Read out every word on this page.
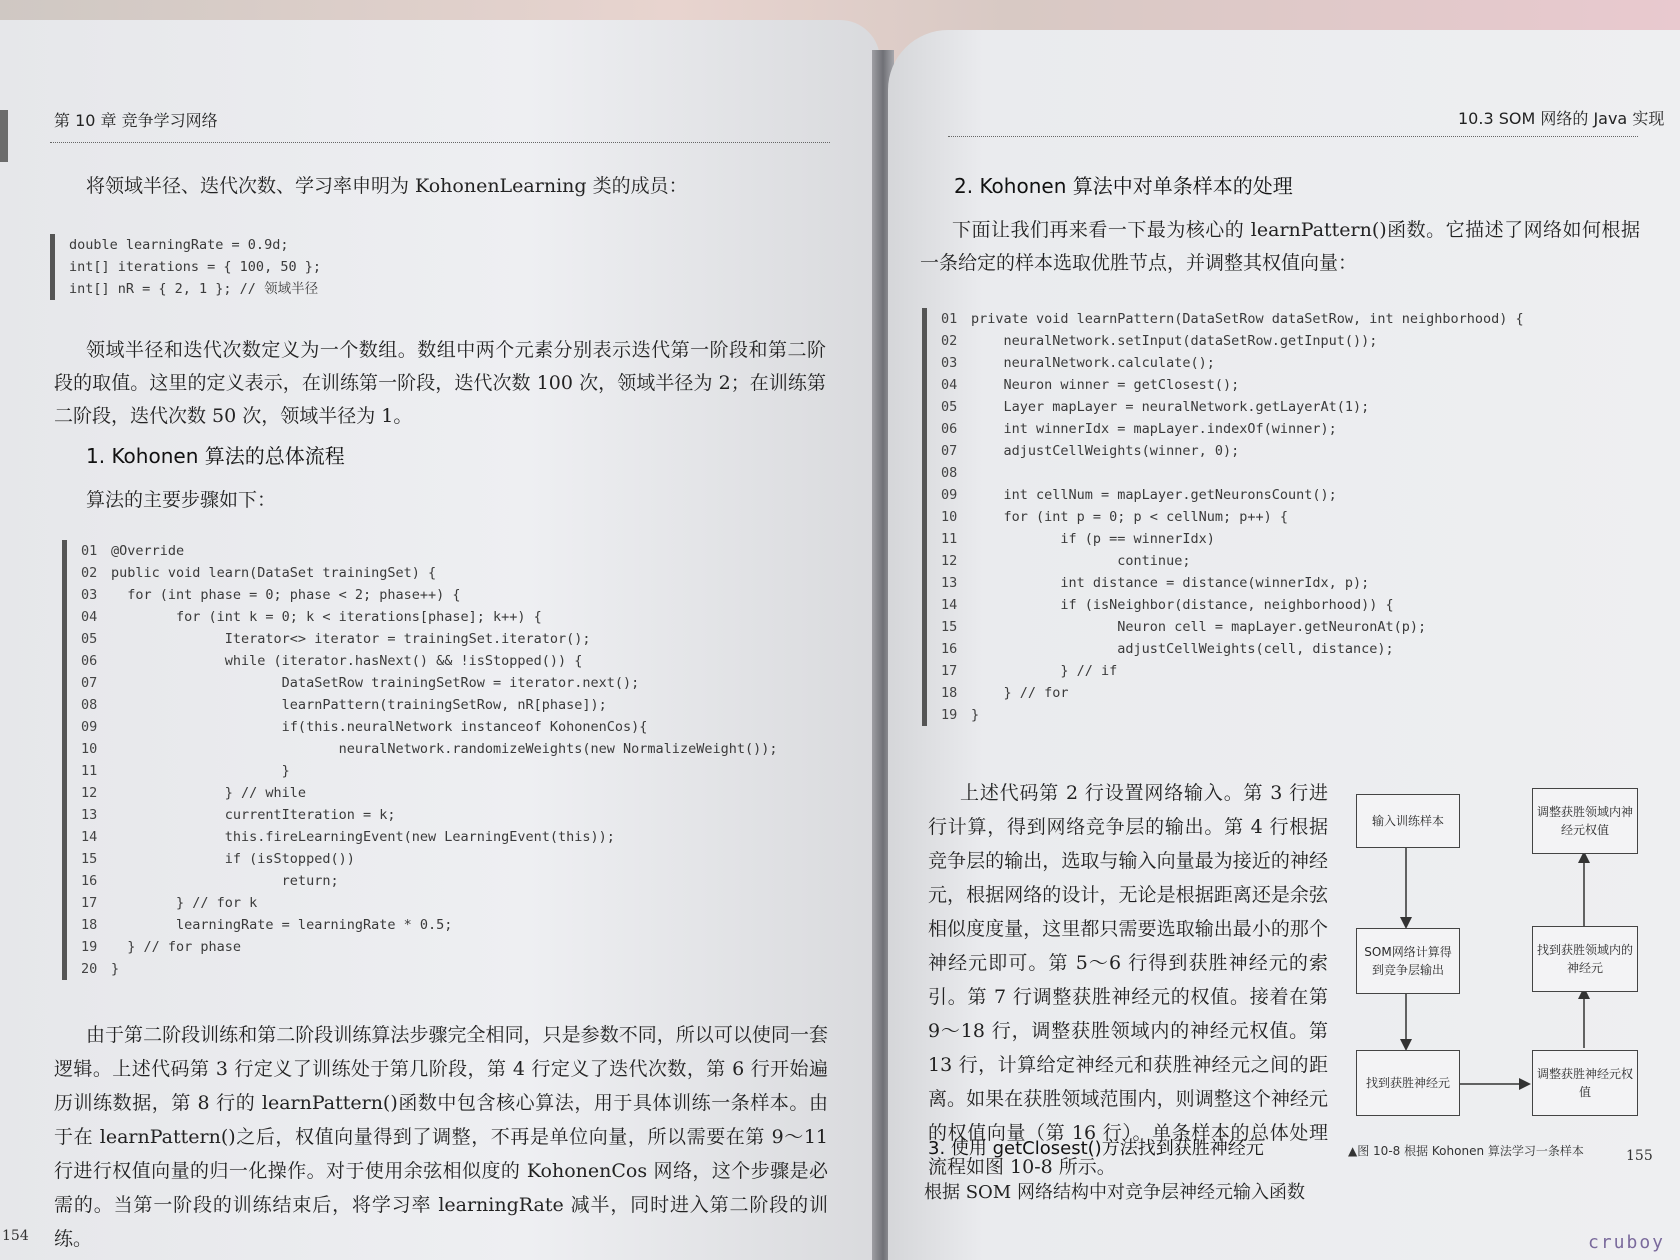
第 10 章 竞争学习网络
将领域半径、迭代次数、学习率申明为 KohonenLearning 类的成员：
double learningRate = 0.9d;
int[] iterations = { 100, 50 };
int[] nR = { 2, 1 }; // 领域半径
领域半径和迭代次数定义为一个数组。数组中两个元素分别表示迭代第一阶段和第二阶段的取值。这里的定义表示，在训练第一阶段，迭代次数 100 次，领域半径为 2；在训练第二阶段，迭代次数 50 次，领域半径为 1。
1. Kohonen 算法的总体流程
算法的主要步骤如下：
01 @Override
02 public void learn(DataSet trainingSet) {
03  for (int phase = 0; phase < 2; phase++) {
04        for (int k = 0; k < iterations[phase]; k++) {
05              Iterator<> iterator = trainingSet.iterator();
06              while (iterator.hasNext() && !isStopped()) {
07                     DataSetRow trainingSetRow = iterator.next();
08                     learnPattern(trainingSetRow, nR[phase]);
09                     if(this.neuralNetwork instanceof KohonenCos){
10                            neuralNetwork.randomizeWeights(new NormalizeWeight());
11                     }
12              } // while
13              currentIteration = k;
14              this.fireLearningEvent(new LearningEvent(this));
15              if (isStopped())
16                     return;
17        } // for k
18        learningRate = learningRate * 0.5;
19  } // for phase
20 }
由于第二阶段训练和第二阶段训练算法步骤完全相同，只是参数不同，所以可以使同一套逻辑。上述代码第 3 行定义了训练处于第几阶段，第 4 行定义了迭代次数，第 6 行开始遍历训练数据，第 8 行的 learnPattern()函数中包含核心算法，用于具体训练一条样本。由于在 learnPattern()之后，权值向量得到了调整，不再是单位向量，所以需要在第 9～11 行进行权值向量的归一化操作。对于使用余弦相似度的 KohonenCos 网络，这个步骤是必需的。当第一阶段的训练结束后，将学习率 learningRate 减半，同时进入第二阶段的训练。
154
10.3 SOM 网络的 Java 实现
2. Kohonen 算法中对单条样本的处理
下面让我们再来看一下最为核心的 learnPattern()函数。它描述了网络如何根据一条给定的样本选取优胜节点，并调整其权值向量：
01 private void learnPattern(DataSetRow dataSetRow, int neighborhood) {
02    neuralNetwork.setInput(dataSetRow.getInput());
03    neuralNetwork.calculate();
04    Neuron winner = getClosest();
05    Layer mapLayer = neuralNetwork.getLayerAt(1);
06    int winnerIdx = mapLayer.indexOf(winner);
07    adjustCellWeights(winner, 0);
08
09    int cellNum = mapLayer.getNeuronsCount();
10    for (int p = 0; p < cellNum; p++) {
11           if (p == winnerIdx)
12                  continue;
13           int distance = distance(winnerIdx, p);
14           if (isNeighbor(distance, neighborhood)) {
15                  Neuron cell = mapLayer.getNeuronAt(p);
16                  adjustCellWeights(cell, distance);
17           } // if
18    } // for
19 }
上述代码第 2 行设置网络输入。第 3 行进行计算，得到网络竞争层的输出。第 4 行根据竞争层的输出，选取与输入向量最为接近的神经元，根据网络的设计，无论是根据距离还是余弦相似度度量，这里都只需要选取输出最小的那个神经元即可。第 5～6 行得到获胜神经元的索引。第 7 行调整获胜神经元的权值。接着在第 9～18 行，调整获胜领域内的神经元权值。第 13 行，计算给定神经元和获胜神经元之间的距离。如果在获胜领域范围内，则调整这个神经元的权值向量（第 16 行）。单条样本的总体处理流程如图 10-8 所示。
输入训练样本
SOM网络计算得到竞争层输出
找到获胜神经元
调整获胜神经元权值
找到获胜领域内的神经元
调整获胜领域内神经元权值
▲图 10-8 根据 Kohonen 算法学习一条样本
3. 使用 getClosest()方法找到获胜神经元
根据 SOM 网络结构中对竞争层神经元输入函数
155
cruboy
